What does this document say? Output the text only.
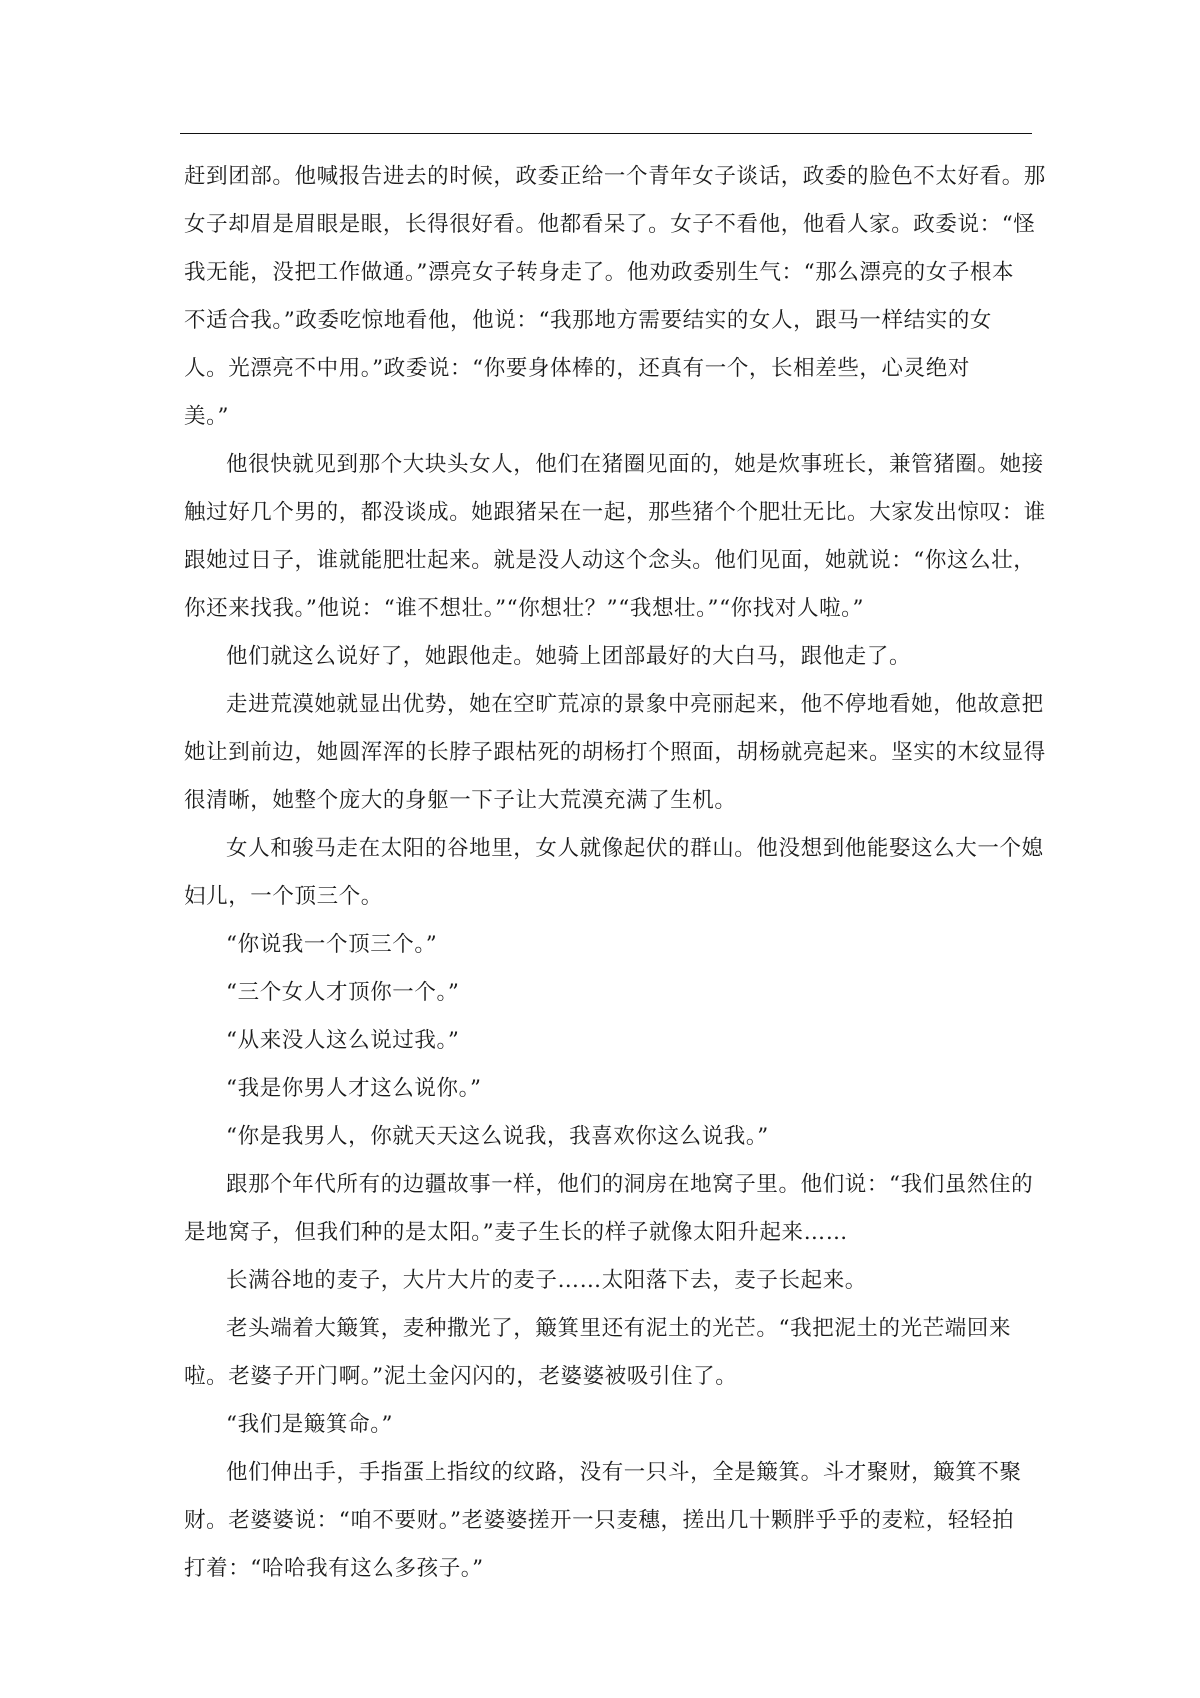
赶到团部。他喊报告进去的时候，政委正给一个青年女子谈话，政委的脸色不太好看。那
女子却眉是眉眼是眼，长得很好看。他都看呆了。女子不看他，他看人家。政委说：“怪
我无能，没把工作做通。”漂亮女子转身走了。他劝政委别生气：“那么漂亮的女子根本
不适合我。”政委吃惊地看他，他说：“我那地方需要结实的女人，跟马一样结实的女
人。光漂亮不中用。”政委说：“你要身体棒的，还真有一个，长相差些，心灵绝对
美。”
他很快就见到那个大块头女人，他们在猪圈见面的，她是炊事班长，兼管猪圈。她接
触过好几个男的，都没谈成。她跟猪呆在一起，那些猪个个肥壮无比。大家发出惊叹：谁
跟她过日子，谁就能肥壮起来。就是没人动这个念头。他们见面，她就说：“你这么壮，
你还来找我。”他说：“谁不想壮。”“你想壮？”“我想壮。”“你找对人啦。”
他们就这么说好了，她跟他走。她骑上团部最好的大白马，跟他走了。
走进荒漠她就显出优势，她在空旷荒凉的景象中亮丽起来，他不停地看她，他故意把
她让到前边，她圆浑浑的长脖子跟枯死的胡杨打个照面，胡杨就亮起来。坚实的木纹显得
很清晰，她整个庞大的身躯一下子让大荒漠充满了生机。
女人和骏马走在太阳的谷地里，女人就像起伏的群山。他没想到他能娶这么大一个媳
妇儿，一个顶三个。
“你说我一个顶三个。”
“三个女人才顶你一个。”
“从来没人这么说过我。”
“我是你男人才这么说你。”
“你是我男人，你就天天这么说我，我喜欢你这么说我。”
跟那个年代所有的边疆故事一样，他们的洞房在地窝子里。他们说：“我们虽然住的
是地窝子，但我们种的是太阳。”麦子生长的样子就像太阳升起来……
长满谷地的麦子，大片大片的麦子……太阳落下去，麦子长起来。
老头端着大簸箕，麦种撒光了，簸箕里还有泥土的光芒。“我把泥土的光芒端回来
啦。老婆子开门啊。”泥土金闪闪的，老婆婆被吸引住了。
“我们是簸箕命。”
他们伸出手，手指蛋上指纹的纹路，没有一只斗，全是簸箕。斗才聚财，簸箕不聚
财。老婆婆说：“咱不要财。”老婆婆搓开一只麦穗，搓出几十颗胖乎乎的麦粒，轻轻拍
打着：“哈哈我有这么多孩子。”
